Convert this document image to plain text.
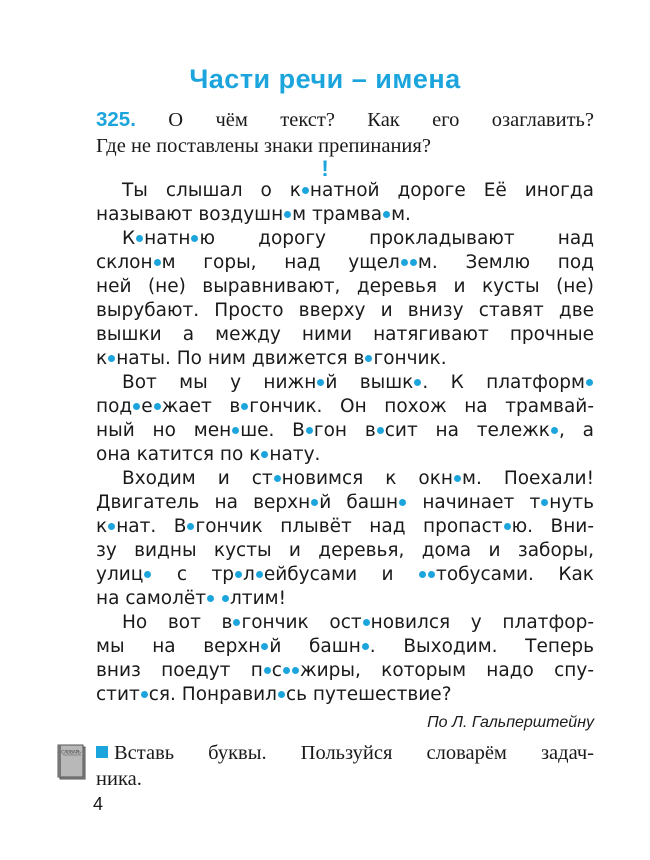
Части речи – имена
325. О чём текст? Как его озаглавить?
Где не поставлены знаки препинания?
!
Ты слышал о к натной дороге Её иногда
называют воздушн м трамва м.
К натн ю дорогу прокладывают над
склон м горы, над ущел м. Землю под
ней (не) выравнивают, деревья и кусты (не)
вырубают. Просто вверху и внизу ставят две
вышки а между ними натягивают прочные
к наты. По ним движется в гончик.
Вот мы у нижн й вышк . К платформ
под е жает в гончик. Он похож на трамвай-
ный но мен ше. В гон в сит на тележк , а
она катится по к нату.
Входим и ст новимся к окн м. Поехали!
Двигатель на верхн й башн начинает т нуть
к нат. В гончик плывёт над пропаст ю. Вни-
зу видны кусты и деревья, дома и заборы,
улиц с тр л ейбусами и тобусами. Как
на самолёт лтим!
Но вот в гончик ост новился у платфор-
мы на верхн й башн . Выходим. Теперь
вниз поедут п с жиры, которым надо спу-
стит ся. Понравил сь путешествие?
По Л. Гальперштейну
СЛОВАРЬ	Вставь буквы. Пользуйся словарём задач-
ника.
4
